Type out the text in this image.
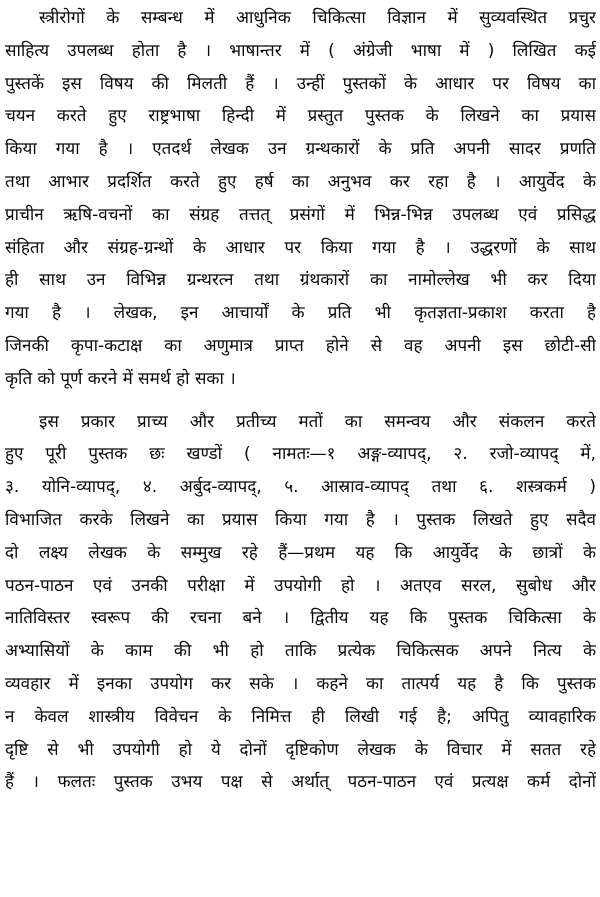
स्त्रीरोगों के सम्बन्ध में आधुनिक चिकित्सा विज्ञान में सुव्यवस्थित प्रचुर
साहित्य उपलब्ध होता है । भाषान्तर में ( अंग्रेजी भाषा में ) लिखित कई
पुस्तकें इस विषय की मिलती हैं । उन्हीं पुस्तकों के आधार पर विषय का
चयन करते हुए राष्ट्रभाषा हिन्दी में प्रस्तुत पुस्तक के लिखने का प्रयास
किया गया है । एतदर्थ लेखक उन ग्रन्थकारों के प्रति अपनी सादर प्रणति
तथा आभार प्रदर्शित करते हुए हर्ष का अनुभव कर रहा है । आयुर्वेद के
प्राचीन ऋषि-वचनों का संग्रह तत्तत् प्रसंगों में भिन्न-भिन्न उपलब्ध एवं प्रसिद्ध
संहिता और संग्रह-ग्रन्थों के आधार पर किया गया है । उद्धरणों के साथ
ही साथ उन विभिन्न ग्रन्थरत्न तथा ग्रंथकारों का नामोल्लेख भी कर दिया
गया है । लेखक, इन आचार्यों के प्रति भी कृतज्ञता-प्रकाश करता है
जिनकी कृपा-कटाक्ष का अणुमात्र प्राप्त होने से वह अपनी इस छोटी-सी
कृति को पूर्ण करने में समर्थ हो सका ।
इस प्रकार प्राच्य और प्रतीच्य मतों का समन्वय और संकलन करते
हुए पूरी पुस्तक छः खण्डों ( नामतः—१ अङ्ग-व्यापद्, २. रजो-व्यापद् में,
३. योनि-व्यापद्, ४. अर्बुद-व्यापद्, ५. आस्राव-व्यापद् तथा ६. शस्त्रकर्म )
विभाजित करके लिखने का प्रयास किया गया है । पुस्तक लिखते हुए सदैव
दो लक्ष्य लेखक के सम्मुख रहे हैं—प्रथम यह कि आयुर्वेद के छात्रों के
पठन-पाठन एवं उनकी परीक्षा में उपयोगी हो । अतएव सरल, सुबोध और
नातिविस्तर स्वरूप की रचना बने । द्वितीय यह कि पुस्तक चिकित्सा के
अभ्यासियों के काम की भी हो ताकि प्रत्येक चिकित्सक अपने नित्य के
व्यवहार में इनका उपयोग कर सके । कहने का तात्पर्य यह है कि पुस्तक
न केवल शास्त्रीय विवेचन के निमित्त ही लिखी गई है; अपितु व्यावहारिक
दृष्टि से भी उपयोगी हो ये दोनों दृष्टिकोण लेखक के विचार में सतत रहे
हैं । फलतः पुस्तक उभय पक्ष से अर्थात् पठन-पाठन एवं प्रत्यक्ष कर्म दोनों
